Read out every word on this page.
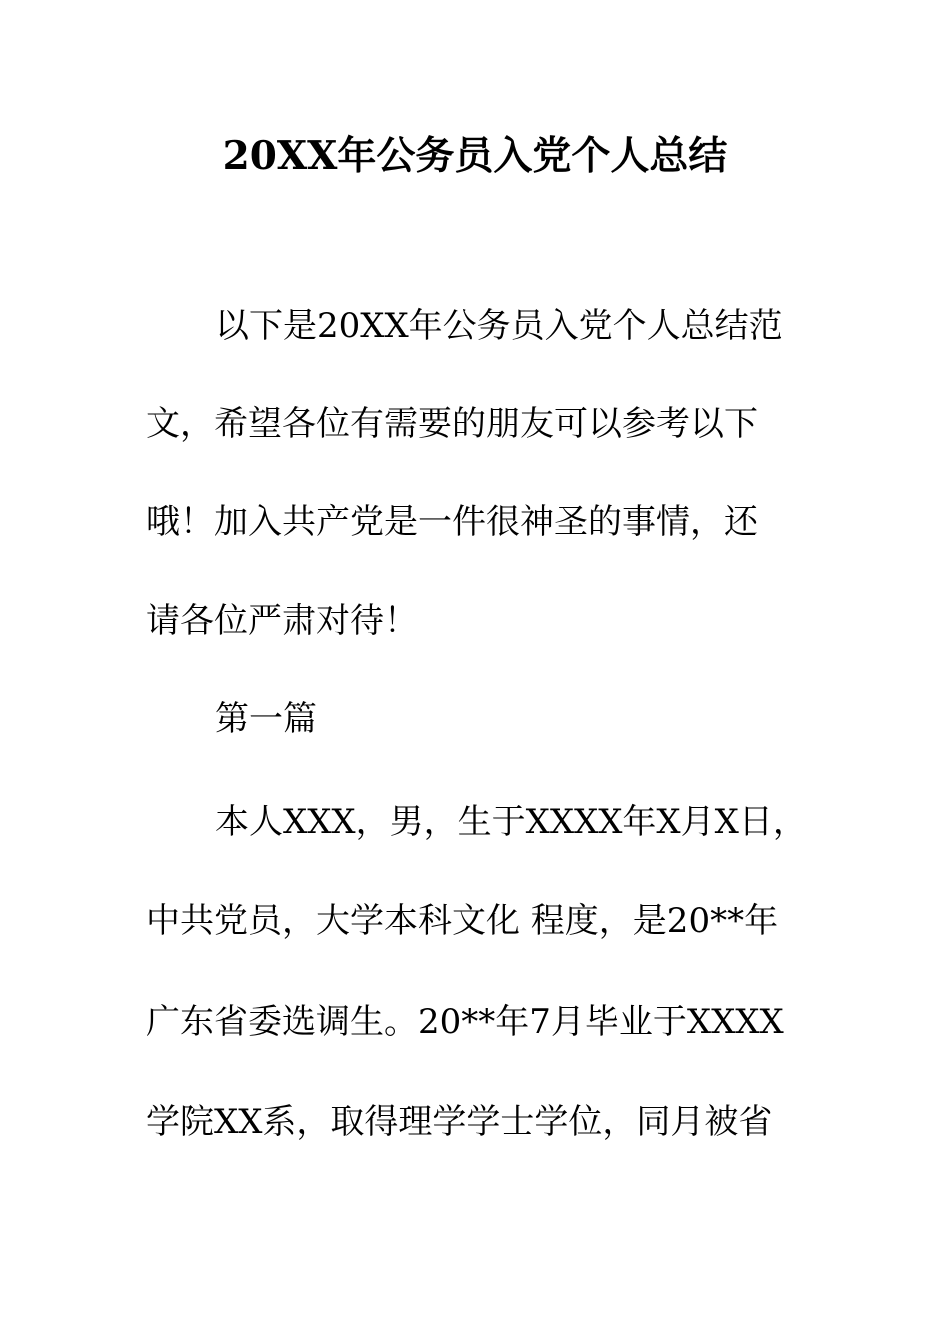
20XX年公务员入党个人总结
以下是20XX年公务员入党个人总结范
文，希望各位有需要的朋友可以参考以下
哦！加入共产党是一件很神圣的事情，还
请各位严肃对待！
第一篇
本人XXX，男，生于XXXX年X月X日，
中共党员，大学本科文化 程度，是20**年
广东省委选调生。20**年7月毕业于XXXX
学院XX系，取得理学学士学位，同月被省
